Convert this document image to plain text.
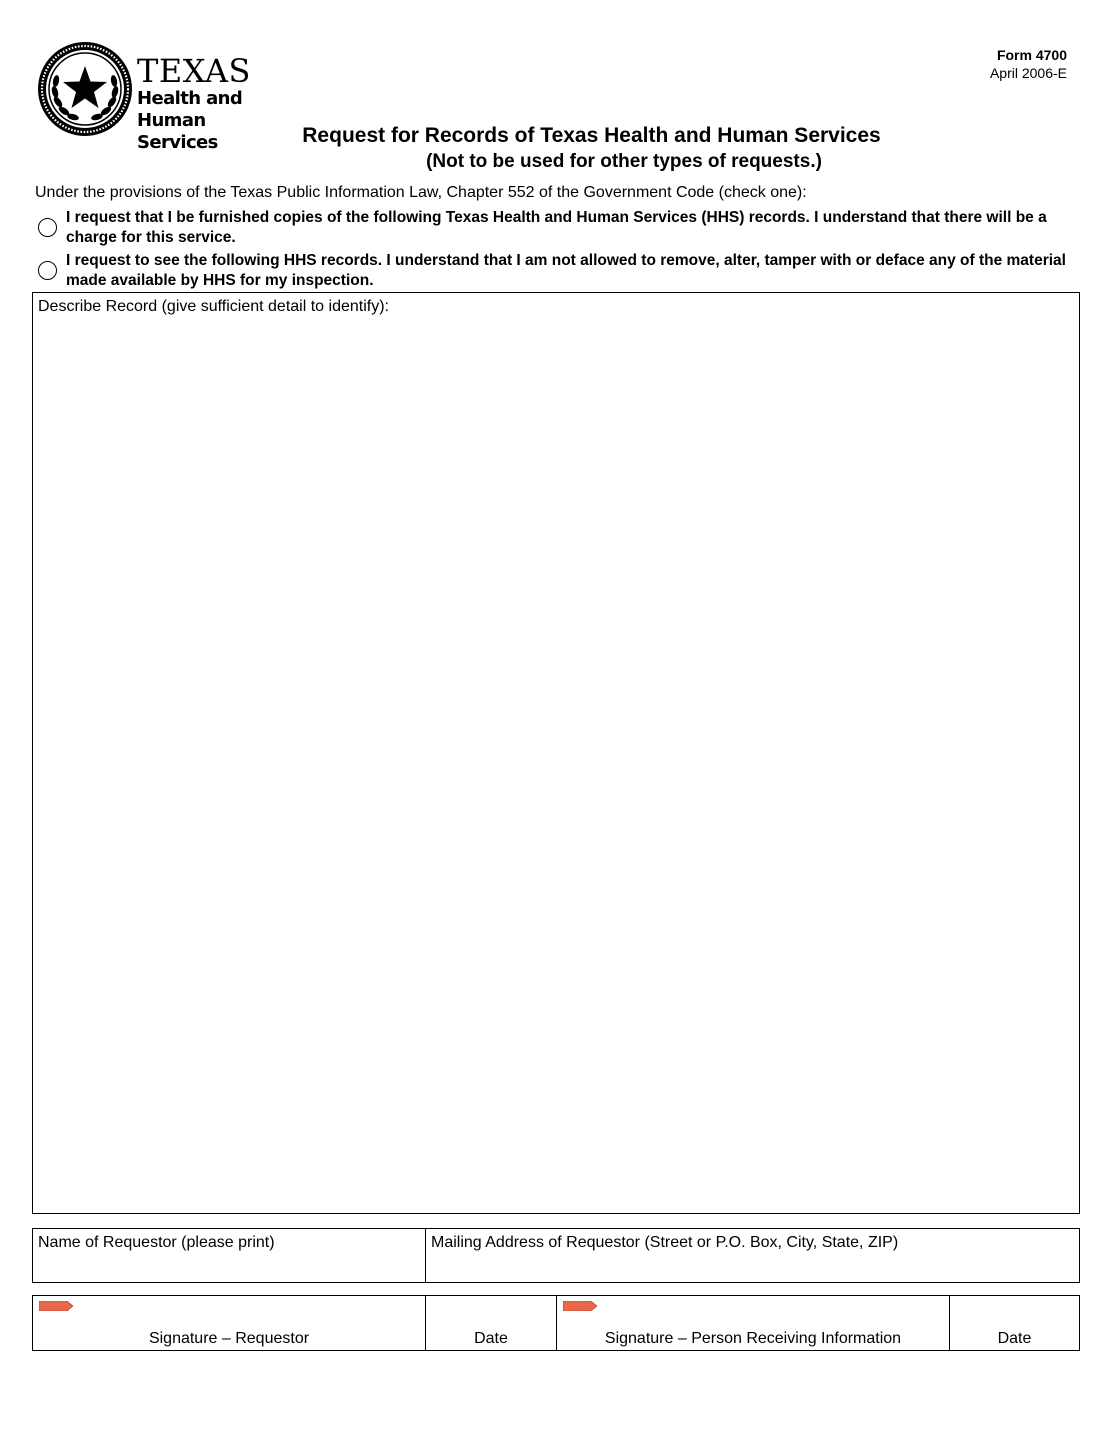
TEXAS
Health and Human
Services
Form 4700
April 2006-E
Request for Records of Texas Health and Human Services
(Not to be used for other types of requests.)
Under the provisions of the Texas Public Information Law, Chapter 552 of the Government Code (check one):
I request that I be furnished copies of the following Texas Health and Human Services (HHS) records. I understand that there will be a charge for this service.
I request to see the following HHS records. I understand that I am not allowed to remove, alter, tamper with or deface any of the material made available by HHS for my inspection.
Describe Record (give sufficient detail to identify):
Name of Requestor (please print)	Mailing Address of Requestor (Street or P.O. Box, City, State, ZIP)
Signature – Requestor	Date	Signature – Person Receiving Information	Date
